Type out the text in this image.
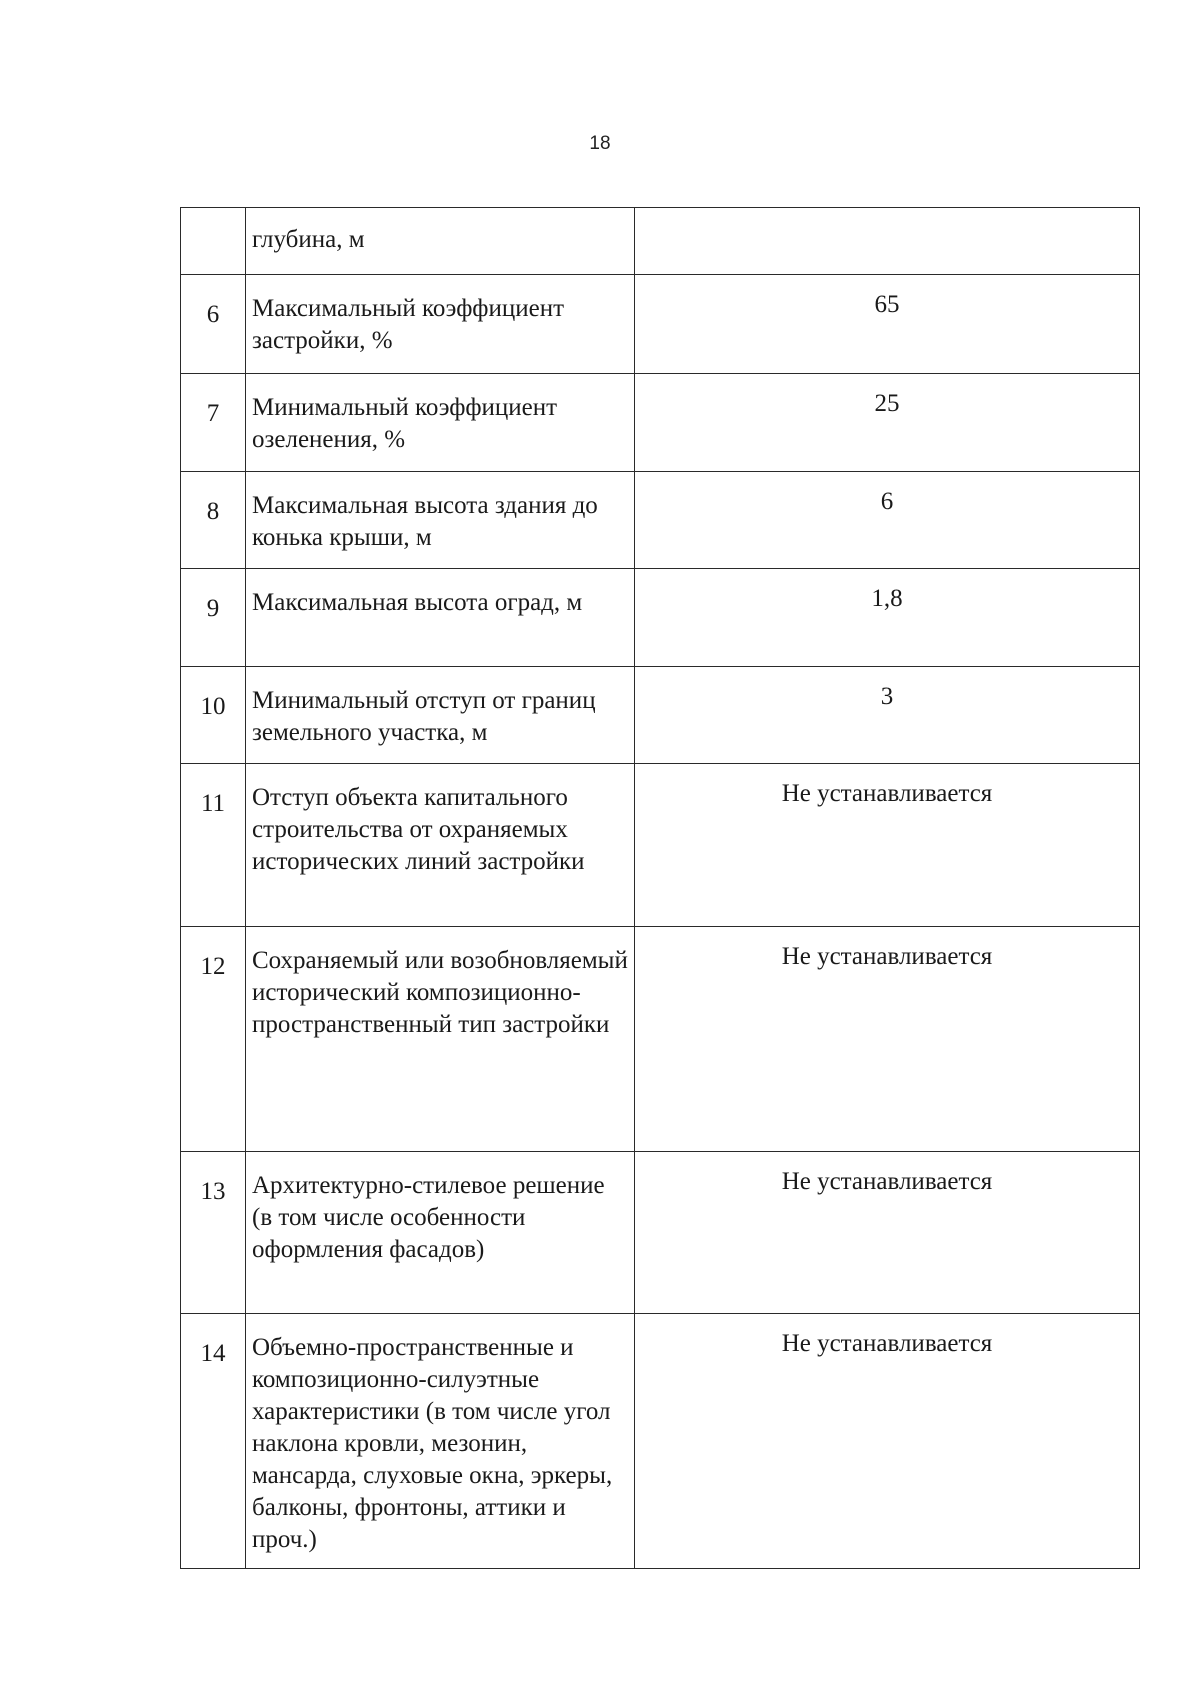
18
	глубина, м	
6	Максимальный коэффициент застройки, %	65
7	Минимальный коэффициент озеленения, %	25
8	Максимальная высота здания до конька крыши, м	6
9	Максимальная высота оград, м	1,8
10	Минимальный отступ от границ земельного участка, м	3
11	Отступ объекта капитального строительства от охраняемых исторических линий застройки	Не устанавливается
12	Сохраняемый или возобновляемый исторический композиционно-пространственный тип застройки	Не устанавливается
13	Архитектурно-стилевое решение (в том числе особенности оформления фасадов)	Не устанавливается
14	Объемно-пространственные и композиционно-силуэтные характеристики (в том числе угол наклона кровли, мезонин, мансарда, слуховые окна, эркеры, балконы, фронтоны, аттики и проч.)	Не устанавливается
